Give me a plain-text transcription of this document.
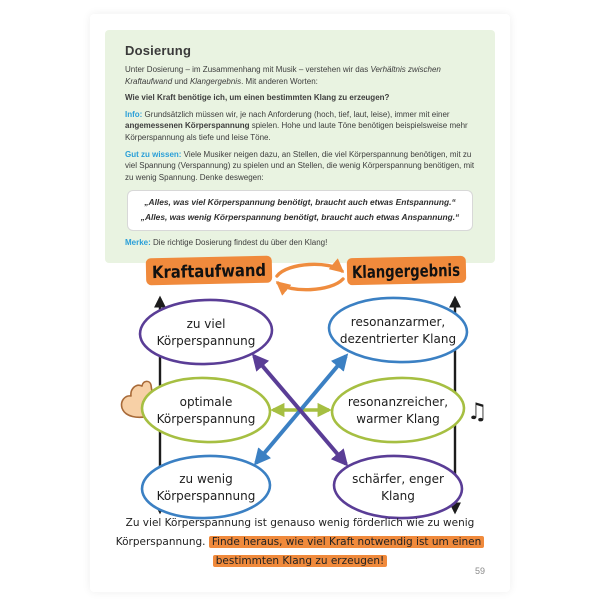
Dosierung

Unter Dosierung – im Zusammenhang mit Musik – verstehen wir das Verhältnis zwischen Kraftaufwand und Klangergebnis. Mit anderen Worten:

Wie viel Kraft benötige ich, um einen bestimmten Klang zu erzeugen?

Info: Grundsätzlich müssen wir, je nach Anforderung (hoch, tief, laut, leise), immer mit einer angemessenen Körperspannung spielen. Hohe und laute Töne benötigen beispielsweise mehr Körperspannung als tiefe und leise Töne.

Gut zu wissen: Viele Musiker neigen dazu, an Stellen, die viel Körperspannung benötigen, mit zu viel Spannung (Verspannung) zu spielen und an Stellen, die wenig Körperspannung benötigen, mit zu wenig Spannung. Denke deswegen:

„Alles, was viel Körperspannung benötigt, braucht auch etwas Entspannung.“

„Alles, was wenig Körperspannung benötigt, braucht auch etwas Anspannung.“

Merke: Die richtige Dosierung findest du über den Klang!

Kraftaufwand	Klangergebnis
♫
zu viel
Körperspannung
optimale
Körperspannung
zu wenig
Körperspannung
resonanzarmer,
dezentrierter Klang
resonanzreicher,
warmer Klang
schärfer, enger
Klang
Zu viel Körperspannung ist genauso wenig förderlich wie zu wenig
Körperspannung. Finde heraus, wie viel Kraft notwendig ist um einen
bestimmten Klang zu erzeugen!
59
